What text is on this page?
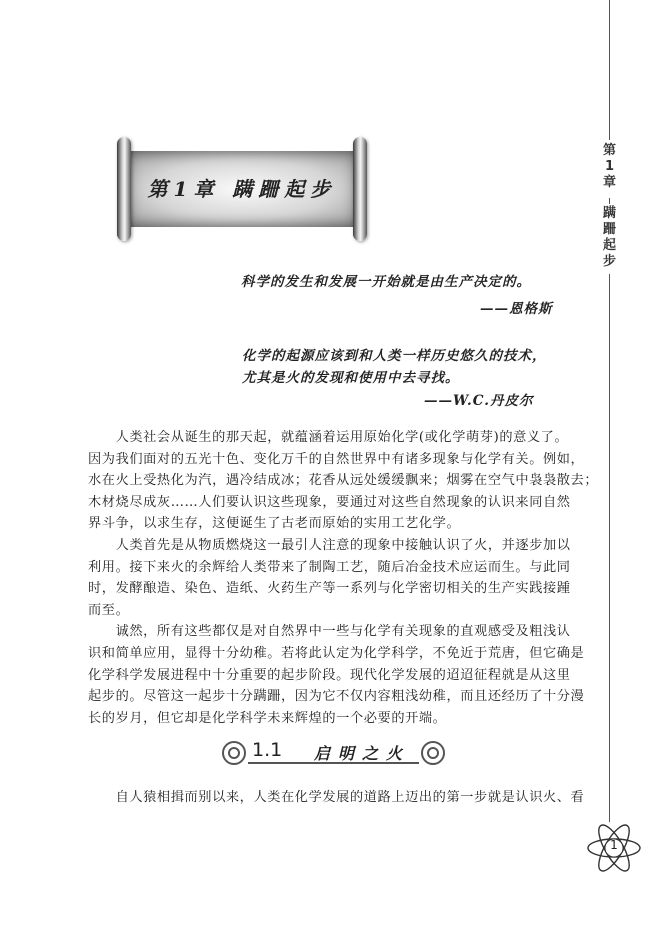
第1章
蹒跚起步
第1章 蹒跚起步
科学的发生和发展一开始就是由生产决定的。
——恩格斯
化学的起源应该到和人类一样历史悠久的技术，
尤其是火的发现和使用中去寻找。
——W.C.丹皮尔
　　人类社会从诞生的那天起，就蕴涵着运用原始化学(或化学萌芽)的意义了。
因为我们面对的五光十色、变化万千的自然世界中有诸多现象与化学有关。例如，
水在火上受热化为汽，遇冷结成冰；花香从远处缓缓飘来；烟雾在空气中袅袅散去；
木材烧尽成灰……人们要认识这些现象，要通过对这些自然现象的认识来同自然
界斗争，以求生存，这便诞生了古老而原始的实用工艺化学。
　　人类首先是从物质燃烧这一最引人注意的现象中接触认识了火，并逐步加以
利用。接下来火的余辉给人类带来了制陶工艺，随后冶金技术应运而生。与此同
时，发酵酿造、染色、造纸、火药生产等一系列与化学密切相关的生产实践接踵
而至。
　　诚然，所有这些都仅是对自然界中一些与化学有关现象的直观感受及粗浅认
识和简单应用，显得十分幼稚。若将此认定为化学科学，不免近于荒唐，但它确是
化学科学发展进程中十分重要的起步阶段。现代化学发展的迢迢征程就是从这里
起步的。尽管这一起步十分蹒跚，因为它不仅内容粗浅幼稚，而且还经历了十分漫
长的岁月，但它却是化学科学未来辉煌的一个必要的开端。
1.1 启明之火
　　自人猿相揖而别以来，人类在化学发展的道路上迈出的第一步就是认识火、看
1
